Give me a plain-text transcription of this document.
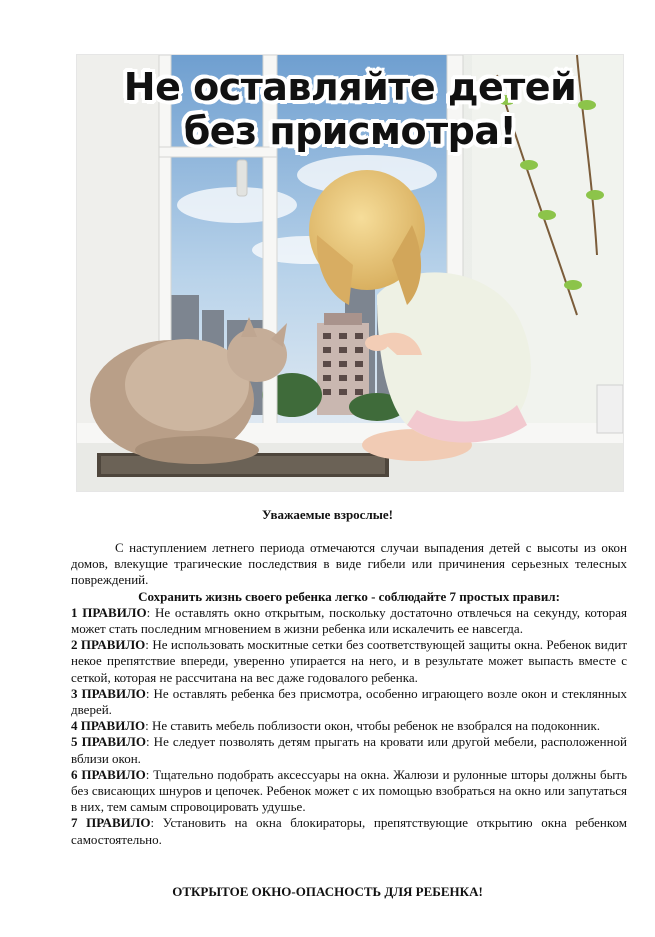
Не оставляйте детей
без присмотра!
Уважаемые взрослые!

С наступлением летнего периода отмечаются случаи выпадения детей с высоты из окон домов, влекущие трагические последствия в виде гибели или причинения серьезных телесных повреждений.

Сохранить жизнь своего ребенка легко - соблюдайте 7 простых правил:

1 ПРАВИЛО: Не оставлять окно открытым, поскольку достаточно отвлечься на секунду, которая может стать последним мгновением в жизни ребенка или искалечить ее навсегда.

2 ПРАВИЛО: Не использовать москитные сетки без соответствующей защиты окна. Ребенок видит некое препятствие впереди, уверенно упирается на него, и в результате может выпасть вместе с сеткой, которая не рассчитана на вес даже годовалого ребенка.

3 ПРАВИЛО: Не оставлять ребенка без присмотра, особенно играющего возле окон и стеклянных дверей.

4 ПРАВИЛО: Не ставить мебель поблизости окон, чтобы ребенок не взобрался на подоконник.

5 ПРАВИЛО: Не следует позволять детям прыгать на кровати или другой мебели, расположенной вблизи окон.

6 ПРАВИЛО: Тщательно подобрать аксессуары на окна. Жалюзи и рулонные шторы должны быть без свисающих шнуров и цепочек. Ребенок может с их помощью взобраться на окно или запутаться в них, тем самым спровоцировать удушье.

7 ПРАВИЛО: Установить на окна блокираторы, препятствующие открытию окна ребенком самостоятельно.

ОТКРЫТОЕ ОКНО-ОПАСНОСТЬ ДЛЯ РЕБЕНКА!
